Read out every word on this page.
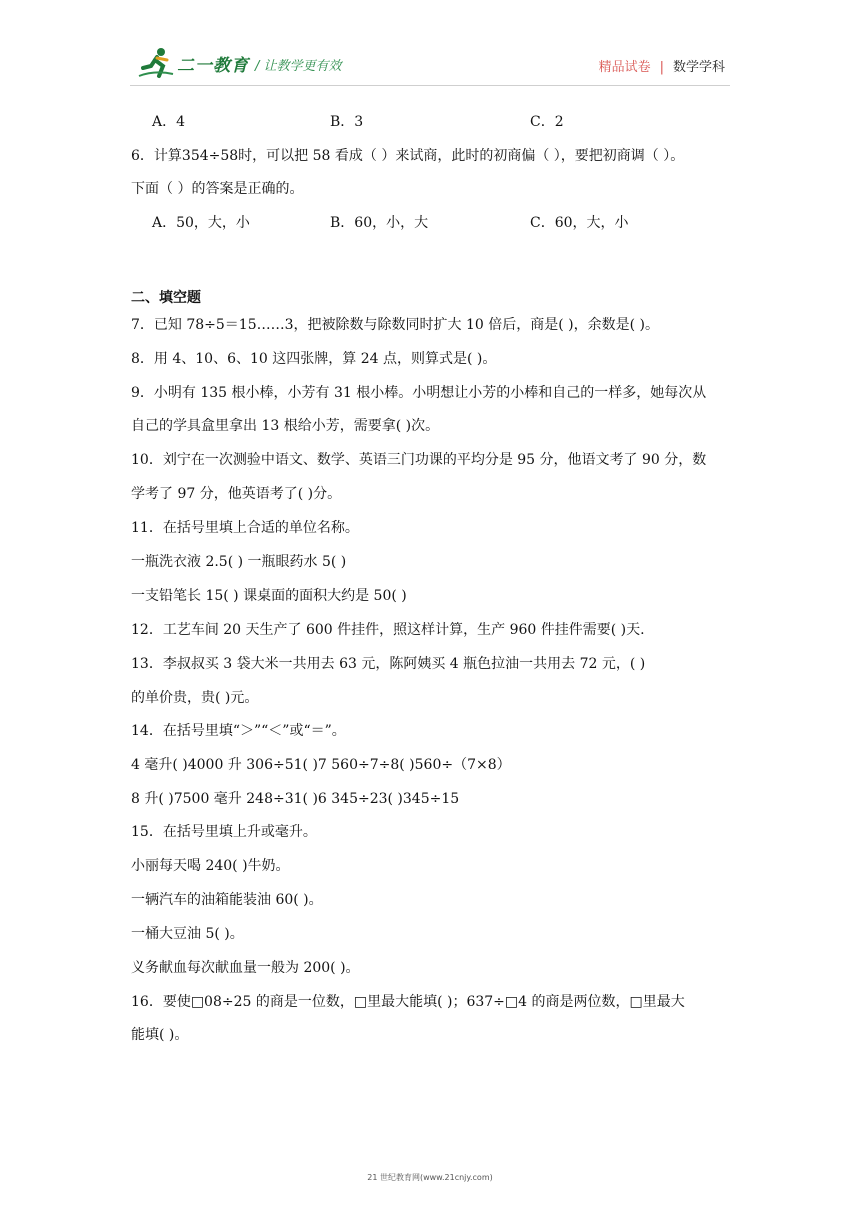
二一教育 / 让教学更有效	精品试卷 | 数学学科
A．4	B．3	C．2
6．计算354÷58时，可以把 58 看成（ ）来试商，此时的初商偏（ ），要把初商调（ ）。
下面（ ）的答案是正确的。
A．50，大，小	B．60，小，大	C．60，大，小
二、填空题
7．已知 78÷5＝15……3，把被除数与除数同时扩大 10 倍后，商是( )，余数是( )。
8．用 4、10、6、10 这四张牌，算 24 点，则算式是( )。
9．小明有 135 根小棒，小芳有 31 根小棒。小明想让小芳的小棒和自己的一样多，她每次从
自己的学具盒里拿出 13 根给小芳，需要拿( )次。
10．刘宁在一次测验中语文、数学、英语三门功课的平均分是 95 分，他语文考了 90 分，数
学考了 97 分，他英语考了( )分。
11．在括号里填上合适的单位名称。
一瓶洗衣液 2.5( ) 一瓶眼药水 5( )
一支铅笔长 15( ) 课桌面的面积大约是 50( )
12．工艺车间 20 天生产了 600 件挂件，照这样计算，生产 960 件挂件需要( )天.
13．李叔叔买 3 袋大米一共用去 63 元，陈阿姨买 4 瓶色拉油一共用去 72 元，( )
的单价贵，贵( )元。
14．在括号里填“＞”“＜”或“＝”。
4 毫升( )4000 升 306÷51( )7 560÷7÷8( )560÷（7×8）
8 升( )7500 毫升 248÷31( )6 345÷23( )345÷15
15．在括号里填上升或毫升。
小丽每天喝 240( )牛奶。
一辆汽车的油箱能装油 60( )。
一桶大豆油 5( )。
义务献血每次献血量一般为 200( )。
16．要使□08÷25 的商是一位数，□里最大能填( )；637÷□4 的商是两位数，□里最大
能填( )。
21 世纪教育网(www.21cnjy.com)
